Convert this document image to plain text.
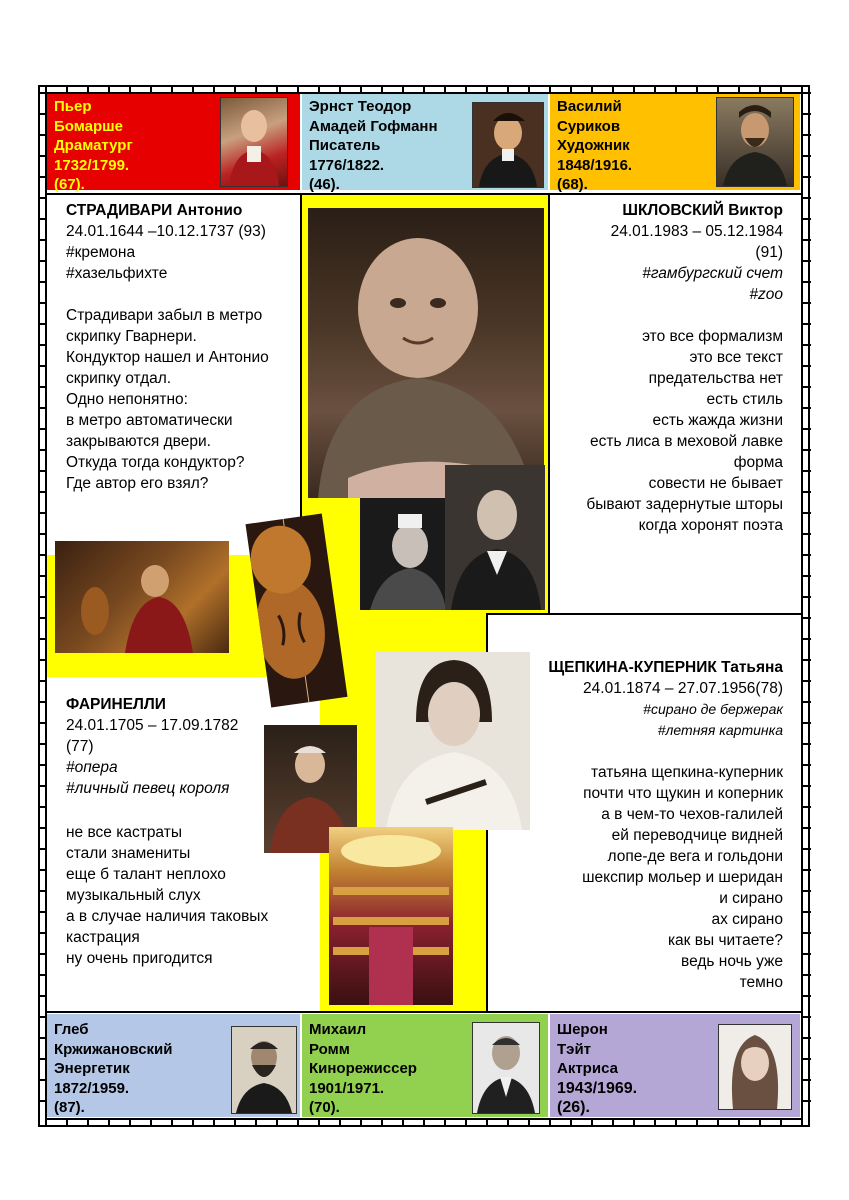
Пьер
Бомарше
Драматург
1732/1799.
(67).
Эрнст Теодор
Амадей Гофманн
Писатель
1776/1822.
(46).
Василий
Суриков
Художник
1848/1916.
(68).
Глеб
Кржижановский
Энергетик
1872/1959.
(87).
Михаил
Ромм
Кинорежиссер
1901/1971.
(70).
Шерон
Тэйт
Актриса
1943/1969.
(26).
СТРАДИВАРИ Антонио
24.01.1644 –10.12.1737 (93)
#кремона
#хазельфихте
Страдивари забыл в метро
скрипку Гварнери.
Кондуктор нашел и Антонио
скрипку отдал.
Одно непонятно:
в метро автоматически
закрываются двери.
Откуда тогда кондуктор?
Где автор его взял?
ШКЛОВСКИЙ Виктор
24.01.1983 – 05.12.1984
(91)
#гамбургский счет
#zoo
это все формализм
это все текст
предательства нет
есть стиль
есть жажда жизни
есть лиса в меховой лавке
форма
совести не бывает
бывают задернутые шторы
когда хоронят поэта
ФАРИНЕЛЛИ
24.01.1705 – 17.09.1782
(77)
#опера
#личный певец короля
не все кастраты
стали знамениты
еще б талант неплохо
музыкальный слух
а в случае наличия таковых
кастрация
ну очень пригодится
ЩЕПКИНА-КУПЕРНИК Татьяна
24.01.1874 – 27.07.1956(78)
#сирано де бержерак
#летняя картинка
татьяна щепкина-куперник
почти что щукин и коперник
а в чем-то чехов-галилей
ей переводчице видней
лопе-де вега и гольдони
шекспир мольер и шеридан
и сирано
ах сирано
как вы читаете?
ведь ночь уже
темно
